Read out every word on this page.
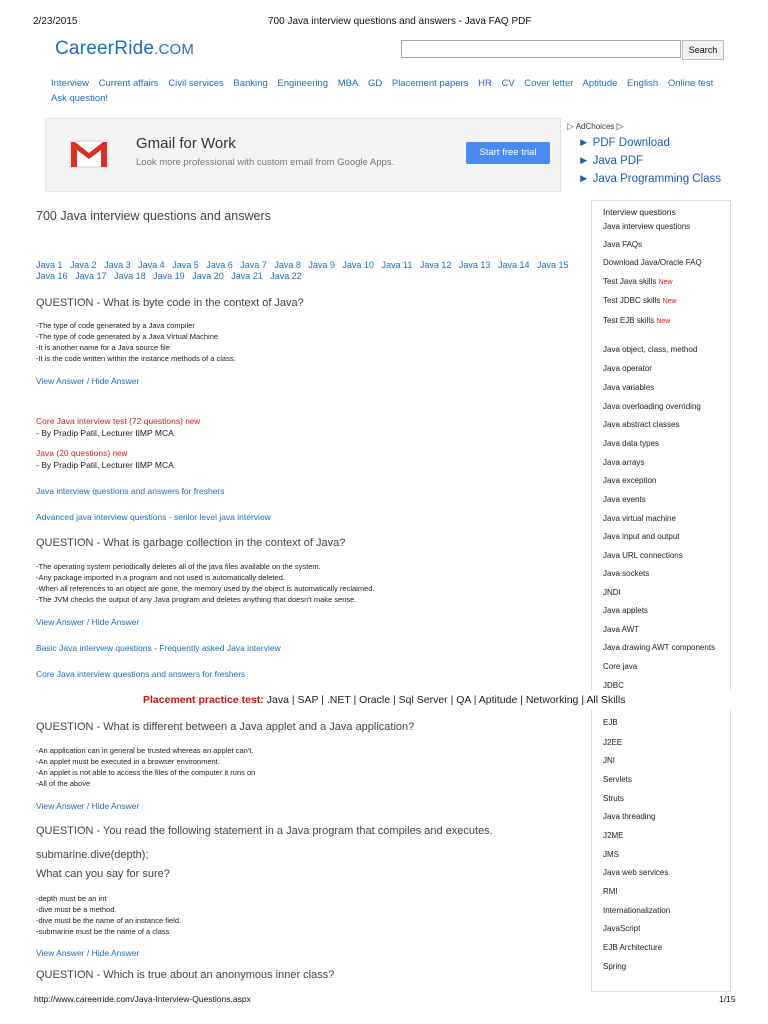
2/23/2015	700 Java interview questions and answers - Java FAQ PDF
CareerRide.COM	Search
Interview Current affairs Civil services Banking Engineering MBA GD Placement papers HR CV Cover letter Aptitude English Online test
Ask question!
Gmail for Work
Look more professional with custom email from Google Apps.
Start free trial
▷ AdChoices ▷
► PDF Download
► Java PDF
► Java Programming Class
700 Java interview questions and answers
Java 1 Java 2 Java 3 Java 4 Java 5 Java 6 Java 7 Java 8 Java 9 Java 10 Java 11 Java 12 Java 13 Java 14 Java 15 Java 16 Java 17 Java 18 Java 19 Java 20 Java 21 Java 22
QUESTION - What is byte code in the context of Java?
-The type of code generated by a Java compiler
-The type of code generated by a Java Virtual Machine
-It is another name for a Java source file
-It is the code written within the instance methods of a class.
View Answer / Hide Answer
Core Java interview test (72 questions) new
- By Pradip Patil, Lecturer IIMP MCA
Java (20 questions) new
- By Pradip Patil, Lecturer IIMP MCA
Java interview questions and answers for freshers
Advanced java interview questions - senior level java interview
QUESTION - What is garbage collection in the context of Java?
-The operating system periodically deletes all of the java files available on the system.
-Any package imported in a program and not used is automatically deleted.
-When all references to an object are gone, the memory used by the object is automatically reclaimed.
-The JVM checks the output of any Java program and deletes anything that doesn't make sense.
View Answer / Hide Answer
Basic Java interview questions - Frequently asked Java interview
Core Java interview questions and answers for freshers
Interview questions
Java interview questions
Java FAQs
Download Java/Oracle FAQ
Test Java skills New
Test JDBC skills New
Test EJB skills New
Java object, class, method
Java operator
Java variables
Java overloading overriding
Java abstract classes
Java data types
Java arrays
Java exception
Java events
Java virtual machine
Java input and output
Java URL connections
Java sockets
JNDI
Java applets
Java AWT
Java drawing AWT components
Core java
JDBC
Placement practice test: Java | SAP | .NET | Oracle | Sql Server | QA | Aptitude | Networking | All Skills
EJB
J2EE
JNI
Servlets
Struts
Java threading
J2ME
JMS
Java web services
RMI
Internationalization
JavaScript
EJB Architecture
Spring
QUESTION - What is different between a Java applet and a Java application?
-An application can in general be trusted whereas an applet can't.
-An applet must be executed in a browser environment.
-An applet is not able to access the files of the computer it runs on
-All of the above
View Answer / Hide Answer
QUESTION - You read the following statement in a Java program that compiles and executes.
submarine.dive(depth);
What can you say for sure?
-depth must be an int
-dive must be a method.
-dive must be the name of an instance field.
-submarine must be the name of a class
View Answer / Hide Answer
QUESTION - Which is true about an anonymous inner class?
http://www.careerride.com/Java-Interview-Questions.aspx	1/15
